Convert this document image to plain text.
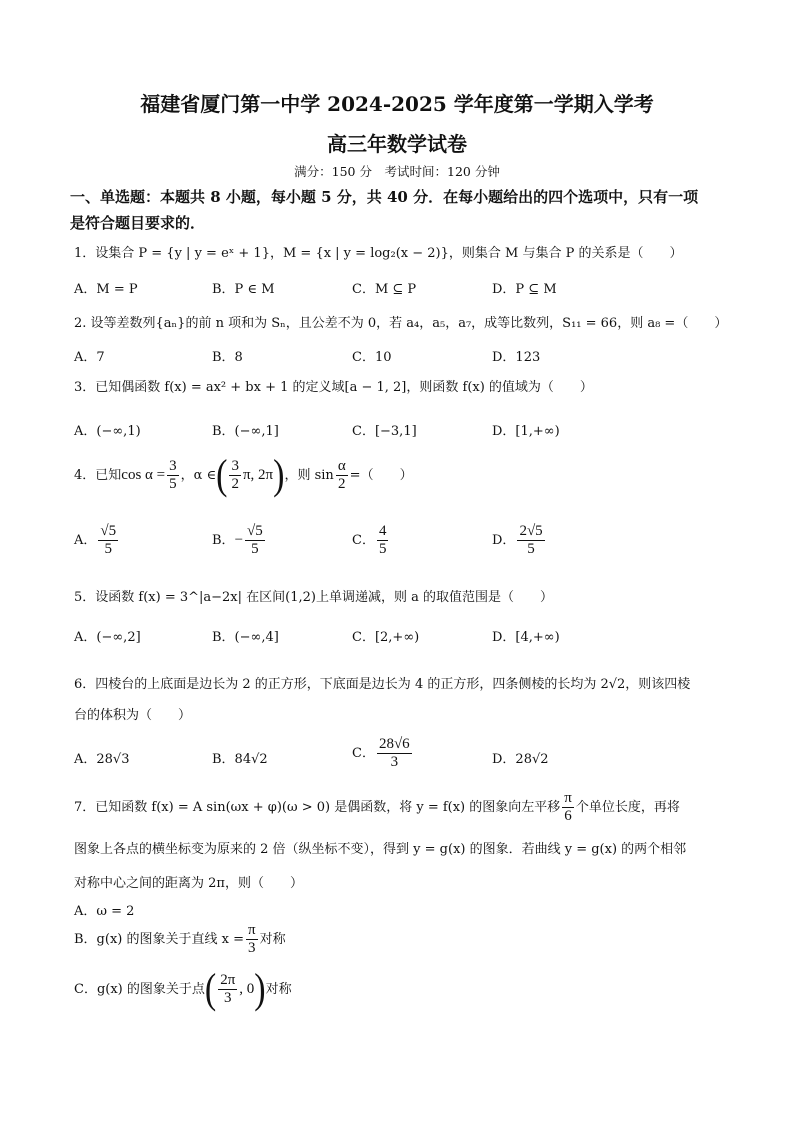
福建省厦门第一中学 2024-2025 学年度第一学期入学考
高三年数学试卷
满分：150 分　考试时间：120 分钟
一、单选题：本题共 8 小题，每小题 5 分，共 40 分．在每小题给出的四个选项中，只有一项
是符合题目要求的．
1．设集合 P = {y | y = eˣ + 1}，M = {x | y = log₂(x − 2)}，则集合 M 与集合 P 的关系是（　　）
A．M = P	B．P ∈ M	C．M ⊆ P	D．P ⊆ M
2. 设等差数列{aₙ}的前 n 项和为 Sₙ，且公差不为 0，若 a₄，a₅，a₇，成等比数列，S₁₁ = 66，则 a₈ =（　　）
A．7	B．8	C．10	D．123
3．已知偶函数 f(x) = ax² + bx + 1 的定义域[a − 1, 2]，则函数 f(x) 的值域为（　　）
A．(−∞,1)	B．(−∞,1]	C．[−3,1]	D．[1,+∞)
4．已知$\cos \alpha = \frac{3}{5}$ ，α ∈( $\frac{3}{2} \pi$, 2π)，则 $\sin \frac{\alpha}{2}$ =（　　）
A． $\frac{√5}{5}$	B．− $\frac{√5}{5}$	C． $\frac{4}{5}$	D． $\frac{2√5}{5}$
5．设函数 f(x) = 3^|a−2x| 在区间(1,2)上单调递减，则 a 的取值范围是（　　）
A．(−∞,2]	B．(−∞,4]	C．[2,+∞)	D．[4,+∞)
6．四棱台的上底面是边长为 2 的正方形，下底面是边长为 4 的正方形，四条侧棱的长均为 2√2，则该四棱
台的体积为（　　）
A．28√3	B．84√2	C． $\frac{28√6}{3}$	D．28√2
7．已知函数 f(x) = A sin(ωx + φ)(ω > 0) 是偶函数，将 y = f(x) 的图象向左平移 $\frac{\pi}{6}$ 个单位长度，再将
图象上各点的横坐标变为原来的 2 倍（纵坐标不变），得到 y = g(x) 的图象．若曲线 y = g(x) 的两个相邻
对称中心之间的距离为 2π，则（　　）
A．ω = 2
B．g(x) 的图象关于直线 $x = \frac{\pi}{3}$ 对称
C．g(x) 的图象关于点( $\frac{2\pi}{3}$ , 0)对称
